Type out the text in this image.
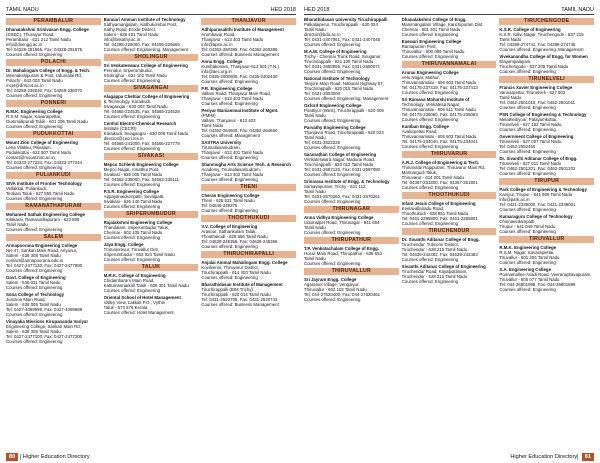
TAMIL NADU	HED 2018
PERAMBALUR
Dhanalakshmi Srinivasan Engg. College
(DSEC), Thuraiyur Road,
Perambalur - 621 212 Tamil Nadu
info@dsengg.ac.in
Tel: 04328-291565, Fax: 04328-291575
Courses offered: Engineering
POLACHI
Dr. Mahalingam College of Engg. & Tech.
Meenakshipuram & Post, Udumalai Rd,
Polachi - 642 003 Tamil Nadu
mcet@drmcet.ac.in
Tel: 04259-236030, Fax: 04259-236070
Courses offered: Engineering
PONNERI
R.M.K. Engineering College
R.S.M. Nagar, Kavaraipettai,
Gummidipundi Taluk - 601 206 Tamil Nadu
Courses offered: Engineering
PUDUKKOTTAI
Mount Zion College of Engineering
Lena Vilakku, Pilivalam,
Pudukkottai - 622 507 Tamil Nadu
contact@mountzion.ac.in
Tel: 04333-277234, Fax: 04333-277244
Courses offered: Engineering
PULIANKUDI
SIVA Institute of Frontier Technology
Vellakkal, Puliankudi,
Tenkasi Taluk - 627 855 Tamil Nadu
Courses offered: Engineering
RAMANATHAPURAM
Mohamed Sathak Engineering College
Kilakarai, Ramanathapuram - 623 806
Tamil Nadu
Courses offered: Engineering
SALEM
Annapoorana Engineering College
NH-47, Sankari Main Road, Ariyanur,
Salem - 636 308 Tamil Nadu
contact@annapoorana.edu.in
Tel: 0427-2477130, Fax: 0427-2477800
Courses offered: Engineering
Govt. College of Engineering
Salem - 636 011 Tamil Nadu
Courses offered: Engineering
Sona College of Technology
Junction Main Road,
Salem - 636 005 Tamil Nadu
Tel: 0427-4099999, Fax: 0427-4099888
Courses offered: Engineering
Vinayaka Missions Kirupananda Variyar
Engineering College, Sankari Main Rd,
Salem - 636 308 Tamil Nadu
Tel: 0427-2477100, Fax: 0427-2477200
Courses offered: Engineering
Bannari Amman Institute of Technology
Sathyamangalam, Alathukombai Post,
Sathy Road, Erode District,
Salem - 638 401 Tamil Nadu
info@bitsathy.ac.in
Tel: 04295-226000, Fax: 04295-226666
Courses offered: Engineering, Management
SHOLINGUR
Sri Venkateswara College of Engineering
Pennalur, Sriperumbudur,
Sholinghur - 631 102 Tamil Nadu
Courses offered: Engineering
SIVAGANGAI
Alagappa Chettiar College of Engineering
& Technology, Karaikudi,
Sivagangai - 630 003 Tamil Nadu
Tel: 04565-224535, Fax: 04565-224528
Courses offered: Engineering
Central Electro-Chemical Research
Institute (CECRI)
Karaikudi, Sivagangai - 630 006 Tamil Nadu
director@cecri.res.in
Tel: 04565-241000, Fax: 04565-227779
Courses offered: Engineering
SIVAKASI
Mepco Schlenk Engineering College
Mepco Nagar, Amathur Post,
Sivakasi - 626 005 Tamil Nadu
Tel: 04562-235000, Fax: 04562-235111
Courses offered: Engineering
P.S.R. Engineering College
Appayanaickenpatti, Sevalpatti,
Sivakasi - 626 140 Tamil Nadu
Courses offered: Engineering
SRIPERUMBUDUR
Rajalakshmi Engineering College
Thandalam, Sriperumbudur Taluk,
Chennai - 602 105 Tamil Nadu
Courses offered: Engineering
Jaya Engg. College
Thiruninravur, Tiruvallur Dist,
Sriperumbudur - 602 024 Tamil Nadu
Courses offered: Engineering
TALUK
M.R.K. College of Engineering
Chidambaram Main Road,
Kattumannarkoil Taluk - 608 301 Tamil Nadu
Courses offered: Engineering
Oriental School of Hotel Management
Valley View, Lakkidi P.O., Vythiri
Taluk - 673 576 Kerala
Courses offered: Hotel Management
THANJAVUR
Adhiparasakthi Institute of Management
Arumbavur Road,
Thanjavur - 613 403 Tamil Nadu
info@apim.ac.in
Tel: 04362-260385, Fax: 04362-260386
Courses offered: Business Management
Anna Engg. College
Kumbakonam, Thanjavur-612 501 (T.N.)
info@aec.org.in
Tel: 0435-2000900, Fax: 0435-2402400
Courses offered: Engineering
P.R. Engineering College
Vallam Road, Thanjavur Main Road,
Thanjavur - 613 403 Tamil Nadu
Courses offered: Engineering
Periyar Maniammai Institute of Mgmt.
(PMIM)
Vallam, Thanjavur - 613 403
Tamil Nadu
Tel: 04362-264600, Fax: 04362-264660
Courses offered: Management
SASTRA University
Tirumalaisamudram,
Thanjavur - 613 401 Tamil Nadu
Courses offered: Engineering
Shanmugha Arts Science Tech. & Research
Academy, Tirumalaisamudram,
Thanjavur - 613 402 Tamil Nadu
Courses offered: Engineering
THENI
Cheran Engineering College
Theni - 625 531 Tamil Nadu
Tel: 04546-249375
Courses offered: Engineering
THOOTHUKUDI
V.V. College of Engineering
Arasoor, Sathankulam Taluk,
Thoothukudi - 628 656 Tamil Nadu
Tel: 04639-245356, Fax: 04639-245366
Courses offered: Engineering
THIRUCHIRAPALLI
Anjalai Ammal Mahalingam Engg. College
Kovilvenni, Thiruvarur District,
Tiruchirappalli - 614 403 Tamil Nadu
Courses offered: Engineering
Bharathidasan Institute of Management
Tiruchirappalli (BIM Trichy)
Tiruchirappalli - 620 014 Tamil Nadu
Tel: 0431-2520708, Fax: 0431-2520743
Courses offered: Business Management
80
	Higher Education Directory
HED 2018	TAMIL NADU
Bharathidasan University Tiruchirappalli
Palkalaiperur, Tiruchirappalli - 620 024
Tamil Nadu
director@bdu.ac.in
Tel: 0431-2407061, Fax: 0431-2407045
Courses offered: Engineering
M.A.M. College of Engineering
Trichy - Chennai Trunk Road, Siruganur,
Tiruchirappalli - 621 105 Tamil Nadu
Tel: 0431-2650055, Fax: 0431-2650071
Courses offered: Engineering
National Institute of Technology
Tanjore Main Road, National Highway 67,
Tiruchirappalli - 620 015 Tamil Nadu
Tel: 0431-2503000
Courses offered: Engineering, Management
Oxford Engineering College
Pirattiyur (West), Tiruchirappalli - 620 009
Tamil Nadu
Courses offered: Engineering
Parvathy Engineering College
Thanjavur Road, Tiruchirappalli - 620 023
Tamil Nadu
Tel: 0431-2522225
Courses offered: Engineering
Saranathan College of Engineering
Venkateswara Nagar, Madurai Road,
Tiruchirappalli - 620 012 Tamil Nadu
Tel: 0431-2597120, Fax: 0431-2597080
Courses offered: Engineering
Srinivasa Institute of Engg. & Technology
Samayapuram, Trichy - 621 112
Tamil Nadu
Tel: 0431-2670260, Fax: 0431-2670261
Courses offered: Engineering
THIRUNAGAR
Anna Vidhya Engineering College
Udumalpet Road, Thirunagar - 641 664
Tamil Nadu
Courses offered: Engineering
THIRUPATHUR
T.P. Venkatachalam College of Engg.
Hosur Main Road, Thirupathur - 635 653
Tamil Nadu
Courses offered: Engineering
THIRUVALLUR
Sri Jayram Engg. College
Agaramel Village, Vengaiyur,
Thiruvallur - 602 102 Tamil Nadu
Tel: 044-27620400, Fax: 044-27620461
Courses offered: Engineering
Dhanalakshmi College of Engg.
Manimangalam Village, Kanchipuram Dist.
Chennai - 601 301 Tamil Nadu
Courses offered: Engineering
Easwari Engineering College
Ramapuram Post,
Thiruvallur - 600 089 Tamil Nadu
Courses offered: Engineering
THIRUVANNAMALAI
Arunai Engineering College
Velu Nagar, Mathur,
Thiruvannamalai - 606 603 Tamil Nadu
Tel: 04175-237419, Fax: 04175-237413
Courses offered: Engineering
Sri Ramana Maharshi Institute of
Technology, Venkatesa Nagar,
Thiruvannamalai - 606 611 Tamil Nadu
Tel: 04175-236060, Fax: 04175-236063
Courses offered: Engineering
Kamban Engg. College
Avalurpettai Road,
Thiruvannamalai - 606 603 Tamil Nadu
Tel: 04175-234040, Fax: 04175-234041
Courses offered: Engineering
THIRUVARUR
A.R.J. College of Engineering & Tech.
Thirumalai Rajapuram, Thiruvarur Main Rd,
Mannargudi Taluk,
Thiruvarur - 614 001 Tamil Nadu
Tel: 04367-251800, Fax: 04367-251801
Courses offered: Engineering
THOOTHUKUDI
Infant Jesus College of Engineering
Keelavallanadu Road,
Thoothukudi - 628 851 Tamil Nadu
Tel: 0461-2295800, Fax: 0461-2295801
Courses offered: Engineering
TIRUCHENDUR
Dr. Sivanthi Aditanar College of Engg.
Tiruchendur, Tuticorin District,
Tiruchendur - 628 215 Tamil Nadu
Tel: 04639-242482, Fax: 04639-242483
Courses offered: Engineering
Sivanthi Aditanar College of Engineering
Tiruchendur Road, Kayalpattinam,
Tiruchendur - 628 215 Tamil Nadu
Courses offered: Engineering
TIRUCHENGODE
K.S.R. College of Engineering
K.S.R. Kalvi Nagar, Tiruchengode - 637 215
Tamil Nadu
Tel: 04288-274741, Fax: 04288-274745
Courses offered: Engineering, Management
Vivekanandha College of Engg. for Women
Elayampalayam,
Tiruchengode - 637 205 Tamil Nadu
Courses offered: Engineering
TIRUNELVELI
Francis Xavier Engineering College
Vannarpettai, Tirunelveli - 627 003
Tamil Nadu
Tel: 0462-2501010, Fax: 0462-2501011
Courses offered: Engineering
PSN College of Engineering & Technology
Melathediyoor, Palayamkottai,
Tirunelveli - 627 152 Tamil Nadu
Courses offered: Engineering
Government College of Engineering
Tirunelveli - 627 007 Tamil Nadu
Tel: 0462-2552450
Courses offered: Engineering
Dr. Sivanthi Aditanar College of Engg.
Tirunelveli - 627 011 Tamil Nadu
Tel: 0462-2501201, Fax: 0462-2501202
Courses offered: Engineering
TIRUPUR
Park College of Engineering & Technology
Kaniyur, Tirupur - 641 659 Tamil Nadu
info@park.ac.in
Tel: 0421-2339000, Fax: 0421-2339001
Courses offered: Engineering
Kumaraguru College of Technology
Chinnavedampatti,
Tirupur - 641 049 Tamil Nadu
Courses offered: Engineering
TIRUVALLUR
R.M.K. Engineering College
R.S.M. Nagar, Kavaraipettai,
Tiruvallur - 601 206 Tamil Nadu
Courses offered: Engineering
S.A. Engineering College
Poonamallee-Avadi Road, Veeraraghavapuram,
Tiruvallur - 600 077 Tamil Nadu
Tel: 044-26801999, Fax: 044-26801899
Courses offered: Engineering
Higher Education Directory
	81
